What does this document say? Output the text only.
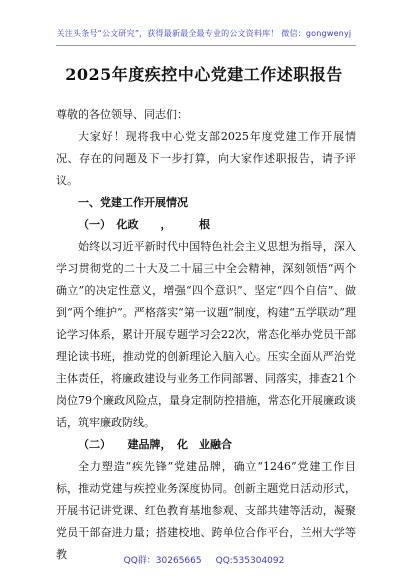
关注头条号“公文研究”，获得最新最全最专业的公文资料库！ 微信：gongwenyj
2025年度疾控中心党建工作述职报告

尊敬的各位领导、同志们：

大家好！现将我中心党支部2025年度党建工作开展情况、存在的问题及下一步打算，向大家作述职报告，请予评议。

一、党建工作开展情况

（一）　化政　　，　　　根

始终以习近平新时代中国特色社会主义思想为指导，深入学习贯彻党的二十大及二十届三中全会精神，深刻领悟“两个确立”的决定性意义，增强“四个意识”、坚定“四个自信”、做到“两个维护”。严格落实“第一议题”制度，构建“五学联动”理论学习体系，累计开展专题学习会22次，常态化举办党员干部理论读书班，推动党的创新理论入脑入心。压实全面从严治党主体责任，将廉政建设与业务工作同部署、同落实，排查21个岗位79个廉政风险点，量身定制防控措施，常态化开展廉政谈话，筑牢廉政防线。

（二）　　建品牌，　化　业融合

全力塑造“疾先锋”党建品牌，确立“1246”党建工作目标，推动党建与疾控业务深度协同。创新主题党日活动形式，开展书记讲党课、红色教育基地参观、支部共建等活动，凝聚党员干部奋进力量；搭建校地、跨单位合作平台，兰州大学等教	QQ群：30265665 QQ:535304092
